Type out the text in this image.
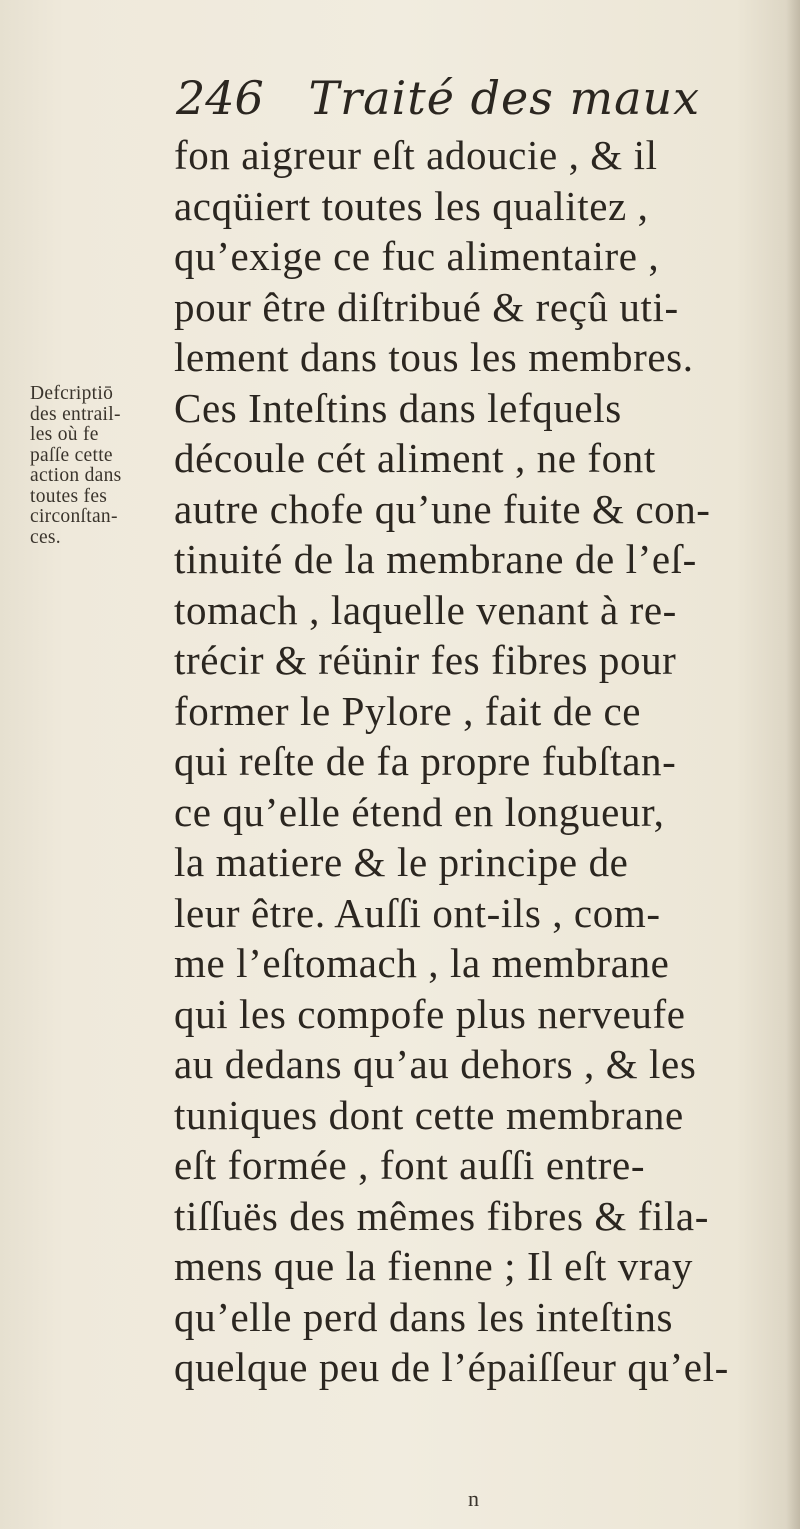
246 Traité des maux
Defcriptiō
des entrail-
les où fe
paſſe cette
action dans
toutes fes
circonſtan-
ces.
fon aigreur eſt adoucie , & il
acqüiert toutes les qualitez ,
qu’exige ce fuc alimentaire ,
pour être diſtribué & reçû uti-
lement dans tous les membres.
Ces Inteſtins dans lefquels
découle cét aliment , ne font
autre chofe qu’une fuite & con-
tinuité de la membrane de l’eſ-
tomach , laquelle venant à re-
trécir & réünir fes fibres pour
former le Pylore , fait de ce
qui reſte de fa propre fubſtan-
ce qu’elle étend en longueur,
la matiere & le principe de
leur être. Auſſi ont-ils , com-
me l’eſtomach , la membrane
qui les compofe plus nerveufe
au dedans qu’au dehors , & les
tuniques dont cette membrane
eſt formée , font auſſi entre-
tiſſuës des mêmes fibres & fila-
mens que la fienne ; Il eſt vray
qu’elle perd dans les inteſtins
quelque peu de l’épaiſſeur qu’el-
n
